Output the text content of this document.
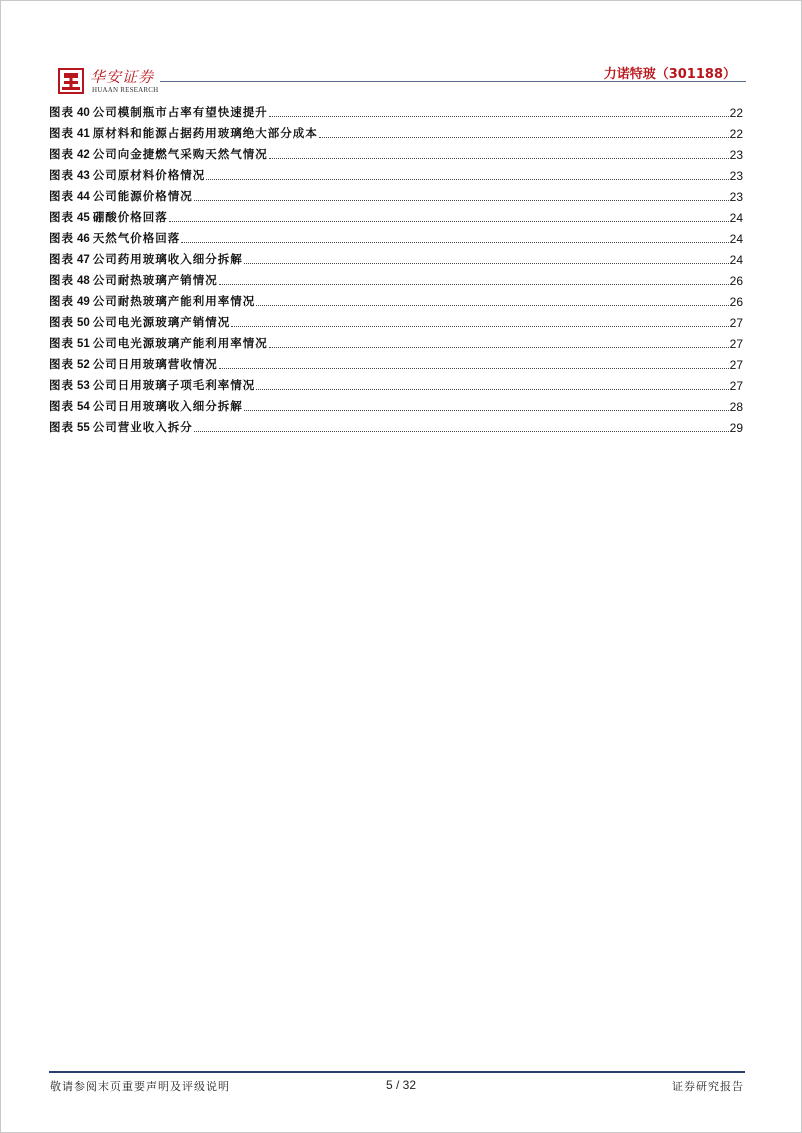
华安证券
HUAAN RESEARCH
力诺特玻（301188）
图表 40 公司模制瓶市占率有望快速提升	22
图表 41 原材料和能源占据药用玻璃绝大部分成本	22
图表 42 公司向金捷燃气采购天然气情况	23
图表 43 公司原材料价格情况	23
图表 44 公司能源价格情况	23
图表 45 硼酸价格回落	24
图表 46 天然气价格回落	24
图表 47 公司药用玻璃收入细分拆解	24
图表 48 公司耐热玻璃产销情况	26
图表 49 公司耐热玻璃产能利用率情况	26
图表 50 公司电光源玻璃产销情况	27
图表 51 公司电光源玻璃产能利用率情况	27
图表 52 公司日用玻璃营收情况	27
图表 53 公司日用玻璃子项毛利率情况	27
图表 54 公司日用玻璃收入细分拆解	28
图表 55 公司营业收入拆分	29
敬请参阅末页重要声明及评级说明	5 / 32	证券研究报告
